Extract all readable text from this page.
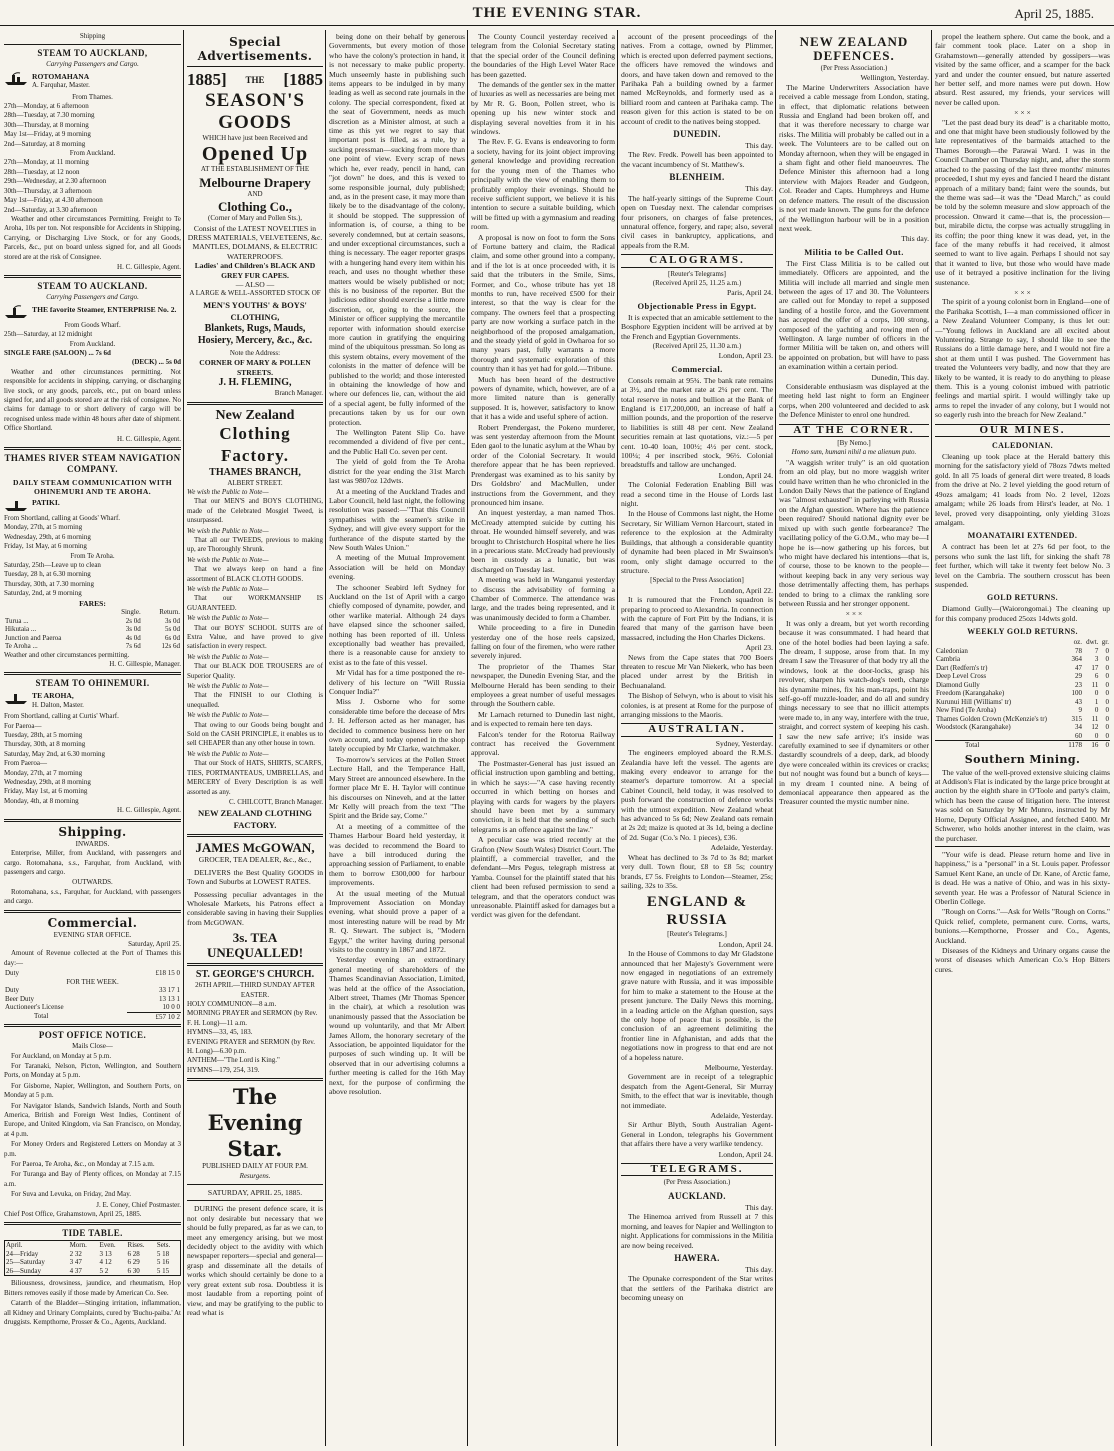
THE EVENING STAR.	April 25, 1885.
Shipping
STEAM TO AUCKLAND,
Carrying Passengers and Cargo.
ROTOMAHANA
A. Farquhar, Master.
From Thames.
27th—Monday, at 6 afternoon
28th—Tuesday, at 7.30 morning
30th—Thursday, at 8 morning
May 1st—Friday, at 9 morning
2nd—Saturday, at 8 morning
From Auckland.
27th—Monday, at 11 morning
28th—Tuesday, at 12 noon
29th—Wednesday, at 2.30 afternoon
30th—Thursday, at 3 afternoon
May 1st—Friday, at 4.30 afternoon
2nd—Saturday, at 3.30 afternoon

Weather and other circumstances Permitting. Freight to Te Aroha, 10s per ton. Not responsible for Accidents in Shipping, Carrying, or Discharging Live Stock, or for any Goods, Parcels, &c., put on board unless signed for, and all Goods stored are at the risk of Consignee.

H. C. Gillespie, Agent.
STEAM TO AUCKLAND.
Carrying Passengers and Cargo.
THE favorite Steamer, ENTERPRISE No. 2.
From Goods Wharf.
25th—Saturday, at 12 midnight
From Auckland.
SINGLE FARE (SALOON) ... 7s 6d
(DECK) ... 5s 0d

Weather and other circumstances permitting. Not responsible for accidents in shipping, carrying, or discharging live stock, or any goods, parcels, etc., put on board unless signed for, and all goods stored are at the risk of consignee. No claims for damage to or short delivery of cargo will be recognised unless made within 48 hours after date of shipment. Office Shortland.

H. C. Gillespie, Agent.
THAMES RIVER STEAM NAVIGATION COMPANY.
DAILY STEAM COMMUNICATION WITH OHINEMURI AND TE AROHA.
PATIKI.
From Shortland, calling at Goods' Wharf.
Monday, 27th, at 5 morning
Wednesday, 29th, at 6 morning
Friday, 1st May, at 6 morning
From Te Aroha.
Saturday, 25th—Leave up to clean
Tuesday, 28 h, at 6.30 morning
Thursday, 30th, at 7.30 morning
Saturday, 2nd, at 9 morning
FARES:
	Single.	Return.
Turua ...	2s 0d	3s 0d
Hikutaia ...	3s 0d	5s 0d
Junction and Paeroa	4s 0d	6s 0d
Te Aroha ...	7s 6d	12s 6d
Weather and other circumstances permitting.
H. C. Gillespie, Manager.
STEAM TO OHINEMURI.
TE AROHA,
H. Dalton, Master.
From Shortland, calling at Curtis' Wharf.
For Paeroa—
Tuesday, 28th, at 5 morning
Thursday, 30th, at 8 morning
Saturday, May 2nd, at 6.30 morning
From Paeroa—
Monday, 27th, at 7 morning
Wednesday, 29th, at 8 morning
Friday, May 1st, at 6 morning
Monday, 4th, at 8 morning
H. C. Gillespie, Agent.
Shipping.
INWARDS.

Enterprise, Miller, from Auckland, with passengers and cargo. Rotomahana, s.s., Farquhar, from Auckland, with passengers and cargo.

OUTWARDS.

Rotomahana, s.s., Farquhar, for Auckland, with passengers and cargo.

Commercial.
EVENING STAR OFFICE.
Saturday, April 25.

Amount of Revenue collected at the Port of Thames this day:—

Duty	£18 15 0
FOR THE WEEK.	
Duty	33 17 1
Beer Duty	13 13 1
Auctioneer's License	10 0 0
Total	£57 10 2
POST OFFICE NOTICE.
Mails Close—

For Auckland, on Monday at 5 p.m.

For Taranaki, Nelson, Picton, Wellington, and Southern Ports, on Monday at 5 p.m.

For Gisborne, Napier, Wellington, and Southern Ports, on Monday at 5 p.m.

For Navigator Islands, Sandwich Islands, North and South America, British and Foreign West Indies, Continent of Europe, and United Kingdom, via San Francisco, on Monday, at 4 p.m.

For Money Orders and Registered Letters on Monday at 3 p.m.

For Paeroa, Te Aroha, &c., on Monday at 7.15 a.m.

For Turanga and Bay of Plenty offices, on Monday at 7.15 a.m.

For Suva and Levuka, on Friday, 2nd May.

J. E. Coney, Chief Postmaster.
Chief Post Office, Grahamstown, April 25, 1885.
TIDE TABLE.
April.	Morn.	Even.	Rises.	Sets.
24—Friday	2 32	3 13	6 28	5 18
25—Saturday	3 47	4 12	6 29	5 16
26—Sunday	4 37	5 2	6 30	5 15

Biliousness, drowsiness, jaundice, and rheumatism, Hop Bitters removes easily if those made by American Co. See.

Catarrh of the Bladder—Stinging irritation, inflammation, all Kidney and Urinary Complaints, cured by 'Buchu-paiba.' At druggists. Kempthorne, Prosser & Co., Agents, Auckland.

Special Advertisements.
1885] THE [1885
SEASON'S GOODS
WHICH have just been Received and
Opened Up
AT THE ESTABLISHMENT OF THE
Melbourne Drapery
AND
Clothing Co.,
(Corner of Mary and Pollen Sts.),
Consist of the LATEST NOVELTIES in DRESS MATERIALS, VELVETEENS, &c.
MANTLES, DOLMANS, & ELECTRIC WATERPROOFS.
Ladies' and Children's BLACK AND GREY FUR CAPES.
— ALSO —
A LARGE & WELL-ASSORTED STOCK OF
MEN'S YOUTHS' & BOYS' CLOTHING,
Blankets, Rugs, Mauds, Hosiery, Mercery, &c., &c.
Note the Address:
CORNER OF MARY & POLLEN STREETS.
J. H. FLEMING,
Branch Manager.
New Zealand
Clothing Factory.
THAMES BRANCH,
ALBERT STREET.
We wish the Public to Note—

That our MEN'S and BOYS CLOTHING, made of the Celebrated Mosgiel Tweed, is unsurpassed.

We wish the Public to Note—

That all our TWEEDS, previous to making up, are Thoroughly Shrunk.

We wish the Public to Note—

That we always keep on hand a fine assortment of BLACK CLOTH GOODS.

We wish the Public to Note—

That our WORKMANSHIP IS GUARANTEED.

We wish the Public to Note—

That our BOYS' SCHOOL SUITS are of Extra Value, and have proved to give satisfaction in every respect.

We wish the Public to Note—

That our BLACK DOE TROUSERS are of Superior Quality.

We wish the Public to Note—

That the FINISH to our Clothing is unequalled.

We wish the Public to Note—

That owing to our Goods being bought and Sold on the CASH PRINCIPLE, it enables us to sell CHEAPER than any other house in town.

We wish the Public to Note—

That our Stock of HATS, SHIRTS, SCARFS, TIES, PORTMANTEAUS, UMBRELLAS, and MERCERY of Every Description is as well assorted as any.

C. CHILCOTT, Branch Manager.
NEW ZEALAND CLOTHING FACTORY.
JAMES McGOWAN,
GROCER, TEA DEALER, &c., &c.,

DELIVERS the Best Quality GOODS in Town and Suburbs at LOWEST RATES.

Possessing peculiar advantages in the Wholesale Markets, his Patrons effect a considerable saving in having their Supplies from McGOWAN.

3s. TEA UNEQUALLED!
ST. GEORGE'S CHURCH.
26TH APRIL—THIRD SUNDAY AFTER EASTER.
HOLY COMMUNION—8 a.m.
MORNING PRAYER and SERMON (by Rev. F. H. Long)—11 a.m.
HYMNS—33, 45, 183.
EVENING PRAYER and SERMON (by Rev. H. Long)—6.30 p.m.
ANTHEM—"The Lord is King."
HYMNS—179, 254, 319.
The Evening Star.
PUBLISHED DAILY AT FOUR P.M.
Resurgens.
SATURDAY, APRIL 25, 1885.

DURING the present defence scare, it is not only desirable but necessary that we should be fully prepared, as far as we can, to meet any emergency arising, but we most decidedly object to the avidity with which newspaper reporters—special and general—grasp and disseminate all the details of works which should certainly be done to a very great extent sub rosa. Doubtless it is most laudable from a reporting point of view, and may be gratifying to the public to read what is

being done on their behalf by generous Governments, but every motion of those who have the colony's protection in hand, it is not necessary to make public property. Much unseemly haste in publishing such items appears to be indulged in by many leading as well as second rate journals in the colony. The special correspondent, fixed at the seat of Government, needs as much discretion as a Minister almost, at such a time as this yet we regret to say that important post is filled, as a rule, by a sucking pressman—sucking from more than one point of view. Every scrap of news which he, ever ready, pencil in hand, can "jot down" he does, and this is vexed to some responsible journal, duly published; and, as in the present case, it may more than likely be to the disadvantage of the colony, it should be stopped. The suppression of information is, of course, a thing to be severely condemned, but at certain seasons, and under exceptional circumstances, such a thing is necessary. The eager reporter grasps with a hungering hand every item within his reach, and uses no thought whether these matters would be wisely published or not; this is no business of the reporter. But the judicious editor should exercise a little more discretion, or, going to the source, the Minister or officer supplying the mercantile reporter with information should exercise more caution in gratifying the enquiring mind of the ubiquitous pressman. So long as this system obtains, every movement of the colonists in the matter of defence will be published to the world; and those interested in obtaining the knowledge of how and where our defences lie, can, without the aid of a special agent, be fully informed of the precautions taken by us for our own protection.

The Wellington Patent Slip Co. have recommended a dividend of five per cent., and the Public Hall Co. seven per cent.

The yield of gold from the Te Aroha district for the year ending the 31st March last was 9807oz 12dwts.

At a meeting of the Auckland Trades and Labor Council, held last night, the following resolution was passed:—"That this Council sympathises with the seamen's strike in Sydney, and will give every support for the furtherance of the dispute started by the New South Wales Union."

A meeting of the Mutual Improvement Association will be held on Monday evening.

The schooner Seabird left Sydney for Auckland on the 1st of April with a cargo chiefly composed of dynamite, powder, and other warlike material. Although 24 days have elapsed since the schooner sailed, nothing has been reported of ill. Unless exceptionally bad weather has prevailed, there is a reasonable cause for anxiety to exist as to the fate of this vessel.

Mr Vidal has for a time postponed the re-delivery of his lecture on "Will Russia Conquer India?"

Miss J. Osborne who for some considerable time before the decease of Mrs J. H. Jefferson acted as her manager, has decided to commence business here on her own account, and today opened in the shop lately occupied by Mr Clarke, watchmaker.

To-morrow's services at the Pollen Street Lecture Hall, and the Temperance Hall, Mary Street are announced elsewhere. In the former place Mr E. H. Taylor will continue his discourses on Nineveh, and at the latter Mr Kelly will preach from the text "The Spirit and the Bride say, Come."

At a meeting of a committee of the Thames Harbour Board held yesterday, it was decided to recommend the Board to have a bill introduced during the approaching session of Parliament, to enable them to borrow £300,000 for harbour improvements.

At the usual meeting of the Mutual Improvement Association on Monday evening, what should prove a paper of a most interesting nature will be read by Mr R. Q. Stewart. The subject is, "Modern Egypt," the writer having during personal visits to the country in 1867 and 1872.

Yesterday evening an extraordinary general meeting of shareholders of the Thames Scandinavian Association, Limited, was held at the office of the Association, Albert street, Thames (Mr Thomas Spencer in the chair), at which a resolution was unanimously passed that the Association be wound up voluntarily, and that Mr Albert James Allom, the honorary secretary of the Association, be appointed liquidator for the purposes of such winding up. It will be observed that in our advertising columns a further meeting is called for the 16th May next, for the purpose of confirming the above resolution.

The County Council yesterday received a telegram from the Colonial Secretary stating that the special order of the Council defining the boundaries of the High Level Water Race has been gazetted.

The demands of the gentler sex in the matter of luxuries as well as necessaries are being met by Mr R. G. Boon, Pollen street, who is opening up his new winter stock and displaying several novelties from it in his windows.

The Rev. F. G. Evans is endeavoring to form a society, having for its joint object improving general knowledge and providing recreation for the young men of the Thames who principally with the view of enabling them to profitably employ their evenings. Should he receive sufficient support, we believe it is his intention to secure a suitable building, which will be fitted up with a gymnasium and reading room.

A proposal is now on foot to form the Sons of Fortune battery and claim, the Radical claim, and some other ground into a company, and if the lot is at once proceeded with, it is said that the tributers in the Smile, Sims, Former, and Co., whose tribute has yet 18 months to run, have received £500 for their interest, so that the way is clear for the company. The owners feel that a prospecting party are now working a surface patch in the neighborhood of the proposed amalgamation, and the steady yield of gold in Owharoa for so many years past, fully warrants a more thorough and systematic exploration of this country than it has yet had for gold.—Tribune.

Much has been heard of the destructive powers of dynamite, which, however, are of a more limited nature than is generally supposed. It is, however, satisfactory to know that it has a wide and useful sphere of action.

Robert Prendergast, the Pokeno murderer, was sent yesterday afternoon from the Mount Eden gaol to the lunatic asylum at the Whau by order of the Colonial Secretary. It would therefore appear that he has been reprieved. Prendergast was examined as to his sanity by Drs Goldsbro' and MacMullen, under instructions from the Government, and they pronounced him insane.

An inquest yesterday, a man named Thos. McCready attempted suicide by cutting his throat. He wounded himself severely, and was brought to Christchurch Hospital where he lies in a precarious state. McCready had previously been in custody as a lunatic, but was discharged on Tuesday last.

A meeting was held in Wanganui yesterday to discuss the advisability of forming a Chamber of Commerce. The attendance was large, and the trades being represented, and it was unanimously decided to form a Chamber.

While proceeding to a fire in Dunedin yesterday one of the hose reels capsized, falling on four of the firemen, who were rather severely injured.

The proprietor of the Thames Star newspaper, the Dunedin Evening Star, and the Melbourne Herald has been sending to their employees a great number of useful messages through the Southern cable.

Mr Larnach returned to Dunedin last night, and is expected to remain here ten days.

Falcon's tender for the Rotorua Railway contract has received the Government approval.

The Postmaster-General has just issued an official instruction upon gambling and betting, in which he says:—"A case having recently occurred in which betting on horses and playing with cards for wagers by the players should have been met by a summary conviction, it is held that the sending of such telegrams is an offence against the law."

A peculiar case was tried recently at the Grafton (New South Wales) District Court. The plaintiff, a commercial traveller, and the defendant—Mrs Pegus, telegraph mistress at Yamba. Counsel for the plaintiff stated that his client had been refused permission to send a telegram, and that the operators conduct was unreasonable. Plaintiff asked for damages but a verdict was given for the defendant.

account of the present proceedings of the natives. From a cottage, owned by Plimmer, which is erected upon deferred payment sections, the officers have removed the windows and doors, and have taken down and removed to the Parihaka Pah a building owned by a farmer named McReynolds, and formerly used as a billiard room and canteen at Parihaka camp. The reason given for this action is stated to be on account of credit to the natives being stopped.

DUNEDIN.
This day.

The Rev. Fredk. Powell has been appointed to the vacant incumbency of St. Matthew's.

BLENHEIM.
This day.

The half-yearly sittings of the Supreme Court open on Tuesday next. The calendar comprises four prisoners, on charges of false pretences, unnatural offence, forgery, and rape; also, several civil cases in bankruptcy, applications, and appeals from the R.M.

CALOGRAMS.
[Reuter's Telegrams]
(Received April 25, 11.25 a.m.)
Paris, April 24.
Objectionable Press in Egypt.

It is expected that an amicable settlement to the Bosphore Egyptien incident will be arrived at by the French and Egyptian Governments.

(Received April 25, 11.30 a.m.)
London, April 23.
Commercial.

Consols remain at 95¾. The bank rate remains at 3½, and the market rate at 2¼ per cent. The total reserve in notes and bullion at the Bank of England is £17,200,000, an increase of half a million pounds, and the proportion of the reserve to liabilities is still 48 per cent. New Zealand securities remain at last quotations, viz.:—5 per cent. 10-40 loan, 100½; 4½ per cent. stock, 100¼; 4 per inscribed stock, 96½. Colonial breadstuffs and tallow are unchanged.

London, April 24.

The Colonial Federation Enabling Bill was read a second time in the House of Lords last night.

In the House of Commons last night, the Home Secretary, Sir William Vernon Harcourt, stated in reference to the explosion at the Admiralty Buildings, that although a considerable quantity of dynamite had been placed in Mr Swainson's room, only slight damage occurred to the structure.

[Special to the Press Association]
London, April 22.

It is rumoured that the French squadron is preparing to proceed to Alexandria. In connection with the capture of Fort Pitt by the Indians, it is feared that many of the garrison have been massacred, including the Hon Charles Dickens.

April 23.

News from the Cape states that 700 Boers threaten to rescue Mr Van Niekerk, who has been placed under arrest by the British in Bechuanaland.

The Bishop of Selwyn, who is about to visit his colonies, is at present at Rome for the purpose of arranging missions to the Maoris.

AUSTRALIAN.
Sydney, Yesterday.

The engineers employed aboard the R.M.S. Zealandia have left the vessel. The agents are making every endeavor to arrange for the steamer's departure tomorrow. At a special Cabinet Council, held today, it was resolved to push forward the construction of defence works with the utmost expedition. New Zealand wheat has advanced to 5s 6d; New Zealand oats remain at 2s 2d; maize is quoted at 3s 1d, being a decline of 2d. Sugar (Co.'s No. 1 pieces), £36.

Adelaide, Yesterday.

Wheat has declined to 3s 7d to 3s 8d; market very dull. Town flour, £8 to £8 5s; country brands, £7 5s. Freights to London—Steamer, 25s; sailing, 32s to 35s.

ENGLAND & RUSSIA
[Reuter's Telegrams.]
London, April 24.

In the House of Commons to day Mr Gladstone announced that her Majesty's Government were now engaged in negotiations of an extremely grave nature with Russia, and it was impossible for him to make a statement to the House at the present juncture. The Daily News this morning, in a leading article on the Afghan question, says the only hope of peace that is possible, is the conclusion of an agreement delimiting the frontier line in Afghanistan, and adds that the negotiations now in progress to that end are not of a hopeless nature.

Melbourne, Yesterday.

Government are in receipt of a telegraphic despatch from the Agent-General, Sir Murray Smith, to the effect that war is inevitable, though not immediate.

Adelaide, Yesterday.

Sir Arthur Blyth, South Australian Agent-General in London, telegraphs his Government that affairs there have a very warlike tendency.

London, April 24.
TELEGRAMS.
(Per Press Association.)
AUCKLAND.
This day.

The Hinemoa arrived from Russell at 7 this morning, and leaves for Napier and Wellington to night. Applications for commissions in the Militia are now being received.

HAWERA.
This day.

The Opunake correspondent of the Star writes that the settlers of the Parihaka district are becoming uneasy on

NEW ZEALAND DEFENCES.
(Per Press Association.)
Wellington, Yesterday.

The Marine Underwriters Association have received a cable message from London, stating, in effect, that diplomatic relations between Russia and England had been broken off, and that it was therefore necessary to charge war risks. The Militia will probably be called out in a week. The Volunteers are to be called out on Monday afternoon, when they will be engaged in a sham fight and other field manoeuvres. The Defence Minister this afternoon had a long interview with Majors Reader and Gudgeon, Col. Reader and Capts. Humphreys and Hume on defence matters. The result of the discussion is not yet made known. The guns for the defence of the Wellington harbour will be in a position next week.

This day.
Militia to be Called Out.

The First Class Militia is to be called out immediately. Officers are appointed, and the Militia will include all married and single men between the ages of 17 and 30. The Volunteers are called out for Monday to repel a supposed landing of a hostile force, and the Government has accepted the offer of a corps, 100 strong, composed of the yachting and rowing men of Wellington. A large number of officers in the former Militia will be taken on, and others will be appointed on probation, but will have to pass an examination within a certain period.

Dunedin, This day.

Considerable enthusiasm was displayed at the meeting held last night to form an Engineer corps, when 200 volunteered and decided to ask the Defence Minister to enrol one hundred.

AT THE CORNER.
[By Nemo.]
Homo sum, humani nihil a me alienum puto.

"A waggish writer truly" is an old quotation from an old play, but no more waggish writer could have written than he who chronicled in the London Daily News that the patience of England was "almost exhausted" in parleying with Russia on the Afghan question. Where has the patience been required? Should national dignity ever be mixed up with such gentle forbearance? The vacillating policy of the G.O.M., who may be—I hope he is—now gathering up his forces, but who might have declared his intentions—that is, of course, those to be known to the people—without keeping back in any very serious way those detrimentally affecting them, has perhaps tended to bring to a climax the rankling sore between Russia and her stronger opponent.

× × ×

It was only a dream, but yet worth recording because it was consummated. I had heard that one of the hotel bodies had been laying a safe. The dream, I suppose, arose from that. In my dream I saw the Treasurer of that body try all the windows, look at the door-locks, grasp his revolver, sharpen his watch-dog's teeth, charge his dynamite mines, fix his man-traps, point his self-go-off muzzle-loader, and do all and sundry things necessary to see that no illicit attempts were made to, in any way, interfere with the true, straight, and correct system of keeping his cash. I saw the new safe arrive; it's inside was carefully examined to see if dynamiters or other dastardly scoundrels of a deep, dark, ad bloody dye were concealed within its crevices or cracks; but no! nought was found but a bunch of keys—in my dream I counted nine. A being of demoniacal appearance then appeared as the Treasurer counted the mystic number nine.

propel the leathern sphere. Out came the book, and a fair comment took place. Later on a shop in Grahamstown—generally attended by gossipers—was visited by the same officer, and a scamper for the back yard and under the counter ensued, but nature asserted her better self, and more names were put down. How absurd. Rest assured, my friends, your services will never be called upon.

× × ×

"Let the past dead bury its dead" is a charitable motto, and one that might have been studiously followed by the late representatives of the barmaids attached to the Thames Borough—the Parawai Ward. I was in the Council Chamber on Thursday night, and, after the storm attached to the passing of the last three months' minutes proceeded, I shut my eyes and fancied I heard the distant approach of a military band; faint were the sounds, but the theme was sad—it was the "Dead March," as could be told by the solemn measure and slow approach of the procession. Onward it came—that is, the procession—but, mirabile dictu, the corpse was actually struggling in its coffin; the poor thing knew it was dead, yet, in the face of the many rebuffs it had received, it almost seemed to want to live again. Perhaps I should not say that it wanted to live, but those who would have made use of it betrayed a positive inclination for the living sustenance.

× × ×

The spirit of a young colonist born in England—one of the Parihaka Scottish, I—a man commissioned officer in a New Zealand Volunteer Company, is thus let out:—"Young fellows in Auckland are all excited about Volunteering. Strange to say, I should like to see the Russians do a little damage here, and I would not fire a shot at them until I was pushed. The Government has treated the Volunteers very badly, and now that they are likely to be wanted, it is ready to do anything to please them. This is a young colonist imbued with patriotic feelings and martial spirit. I would willingly take up arms to repel the invader of any colony, but I would not so eagerly rush into the breach for New Zealand."

OUR MINES.
CALEDONIAN.

Cleaning up took place at the Herald battery this morning for the satisfactory yield of 78ozs 7dwts melted gold. In all 75 loads of general dirt were treated, 8 loads from the drive at No. 2 level yielding the good return of 49ozs amalgam; 41 loads from No. 2 level, 12ozs amalgam; while 26 loads from Hirst's leader, at No. 1 level, proved very disappointing, only yielding 31ozs amalgam.

MOANATAIRI EXTENDED.

A contract has been let at 27s 6d per foot, to the persons who sunk the last lift, for sinking the shaft 78 feet further, which will take it twenty feet below No. 3 level on the Cambria. The southern crosscut has been suspended.

GOLD RETURNS.

Diamond Gully—(Waiorongomai.) The cleaning up for this company produced 25ozs 14dwts gold.

WEEKLY GOLD RETURNS.
	oz.	dwt.	gr.
Caledonian	78	7	0
Cambria	364	3	0
Dart (Redfern's tr)	47	17	0
Deep Level Cross	29	6	0
Diamond Gully	23	11	0
Freedom (Karangahake)	100	0	0
Kurunui Hill (Williams' tr)	43	1	0
New Find (Te Aroha)	9	0	0
Thames Golden Crown (McKenzie's tr)	315	11	0
Woodstock (Karangahake)	34	12	0
	60	0	0
Total	1178	16	0
Southern Mining.

The value of the well-proved extensive sluicing claims at Addison's Flat is indicated by the large price brought at auction by the eighth share in O'Toole and party's claim, which has been the cause of litigation here. The interest was sold on Saturday by Mr Munro, instructed by Mr Horne, Deputy Official Assignee, and fetched £400. Mr Schwerer, who holds another interest in the claim, was the purchaser.

"Your wife is dead. Please return home and live in happiness," is a "personal" in a St. Louis paper. Professor Samuel Kent Kane, an uncle of Dr. Kane, of Arctic fame, is dead. He was a native of Ohio, and was in his sixty-seventh year. He was a Professor of Natural Science in Oberlin College.

"Rough on Corns."—Ask for Wells "Rough on Corns." Quick relief, complete, permanent cure. Corns, warts, bunions.—Kempthorne, Prosser and Co., Agents, Auckland.

Diseases of the Kidneys and Urinary organs cause the worst of diseases which American Co.'s Hop Bitters cures.
